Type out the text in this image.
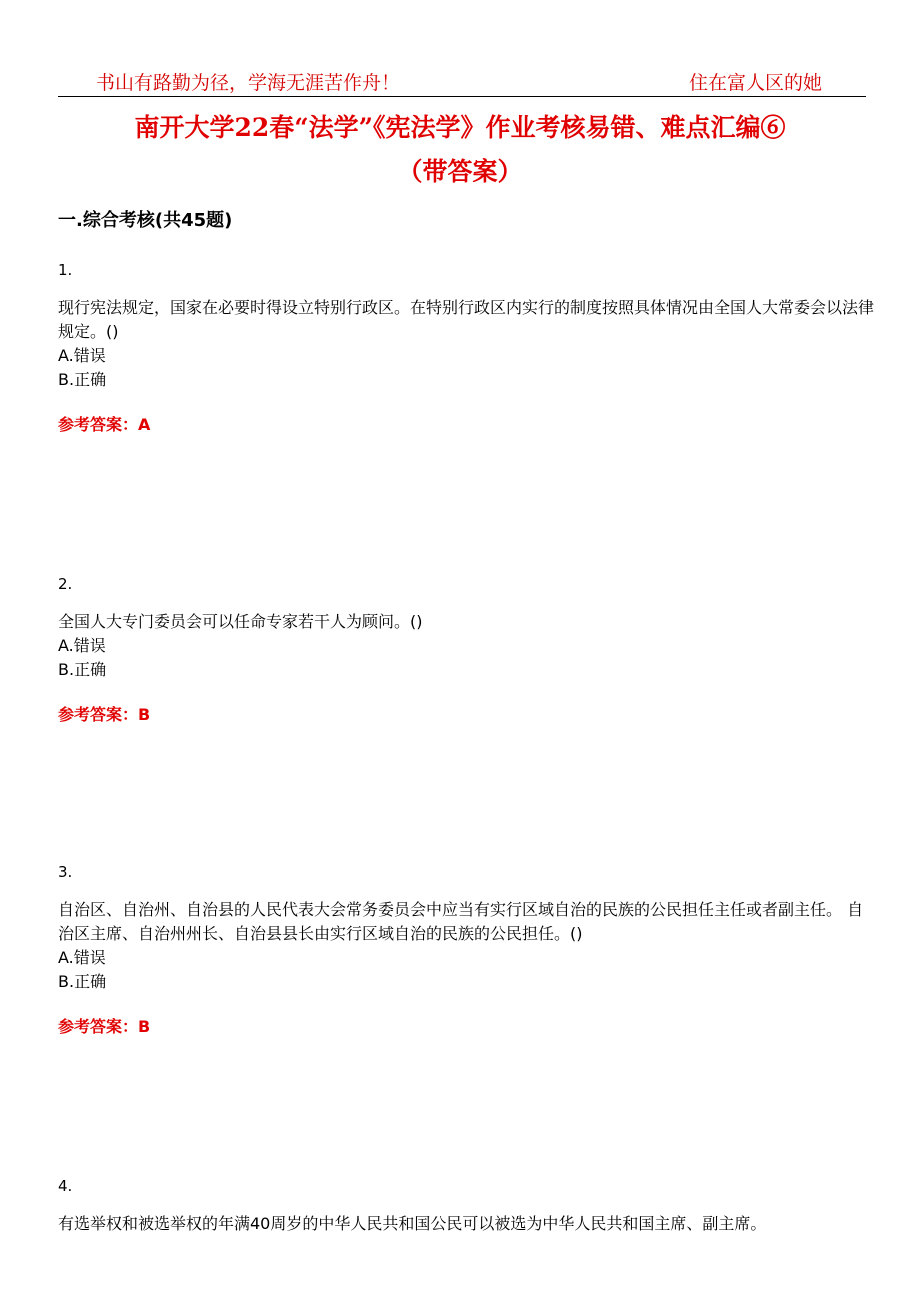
书山有路勤为径，学海无涯苦作舟！	住在富人区的她
南开大学22春“法学”《宪法学》作业考核易错、难点汇编⑥
（带答案）
一.综合考核(共45题)
1.

现行宪法规定，国家在必要时得设立特别行政区。在特别行政区内实行的制度按照具体情况由全国人大常委会以法律规定。()

A.错误

B.正确

参考答案：A
2.

全国人大专门委员会可以任命专家若干人为顾问。()

A.错误

B.正确

参考答案：B
3.

自治区、自治州、自治县的人民代表大会常务委员会中应当有实行区域自治的民族的公民担任主任或者副主任。 自治区主席、自治州州长、自治县县长由实行区域自治的民族的公民担任。()

A.错误

B.正确

参考答案：B
4.

有选举权和被选举权的年满40周岁的中华人民共和国公民可以被选为中华人民共和国主席、副主席。
